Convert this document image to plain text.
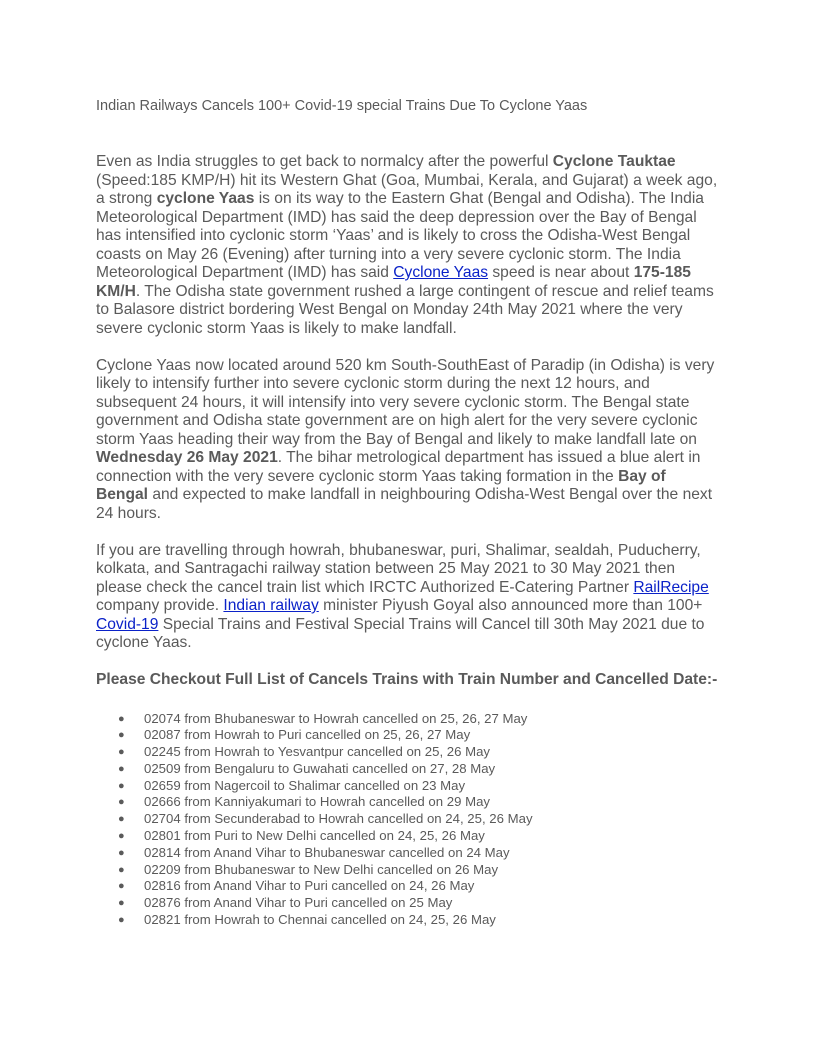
Indian Railways Cancels 100+ Covid-19 special Trains Due To Cyclone Yaas

Even as India struggles to get back to normalcy after the powerful Cyclone Tauktae (Speed:185 KMP/H) hit its Western Ghat (Goa, Mumbai, Kerala, and Gujarat) a week ago, a strong cyclone Yaas is on its way to the Eastern Ghat (Bengal and Odisha). The India Meteorological Department (IMD) has said the deep depression over the Bay of Bengal has intensified into cyclonic storm ‘Yaas’ and is likely to cross the Odisha-West Bengal coasts on May 26 (Evening) after turning into a very severe cyclonic storm. The India Meteorological Department (IMD) has said Cyclone Yaas speed is near about 175-185 KM/H. The Odisha state government rushed a large contingent of rescue and relief teams to Balasore district bordering West Bengal on Monday 24th May 2021 where the very severe cyclonic storm Yaas is likely to make landfall.

Cyclone Yaas now located around 520 km South-SouthEast of Paradip (in Odisha) is very likely to intensify further into severe cyclonic storm during the next 12 hours, and subsequent 24 hours, it will intensify into very severe cyclonic storm. The Bengal state government and Odisha state government are on high alert for the very severe cyclonic storm Yaas heading their way from the Bay of Bengal and likely to make landfall late on Wednesday 26 May 2021. The bihar metrological department has issued a blue alert in connection with the very severe cyclonic storm Yaas taking formation in the Bay of Bengal and expected to make landfall in neighbouring Odisha-West Bengal over the next 24 hours.

If you are travelling through howrah, bhubaneswar, puri, Shalimar, sealdah, Puducherry, kolkata, and Santragachi railway station between 25 May 2021 to 30 May 2021 then please check the cancel train list which IRCTC Authorized E-Catering Partner RailRecipe company provide. Indian railway minister Piyush Goyal also announced more than 100+ Covid-19 Special Trains and Festival Special Trains will Cancel till 30th May 2021 due to cyclone Yaas.

Please Checkout Full List of Cancels Trains with Train Number and Cancelled Date:-
● 02074 from Bhubaneswar to Howrah cancelled on 25, 26, 27 May
● 02087 from Howrah to Puri cancelled on 25, 26, 27 May
● 02245 from Howrah to Yesvantpur cancelled on 25, 26 May
● 02509 from Bengaluru to Guwahati cancelled on 27, 28 May
● 02659 from Nagercoil to Shalimar cancelled on 23 May
● 02666 from Kanniyakumari to Howrah cancelled on 29 May
● 02704 from Secunderabad to Howrah cancelled on 24, 25, 26 May
● 02801 from Puri to New Delhi cancelled on 24, 25, 26 May
● 02814 from Anand Vihar to Bhubaneswar cancelled on 24 May
● 02209 from Bhubaneswar to New Delhi cancelled on 26 May
● 02816 from Anand Vihar to Puri cancelled on 24, 26 May
● 02876 from Anand Vihar to Puri cancelled on 25 May
● 02821 from Howrah to Chennai cancelled on 24, 25, 26 May
